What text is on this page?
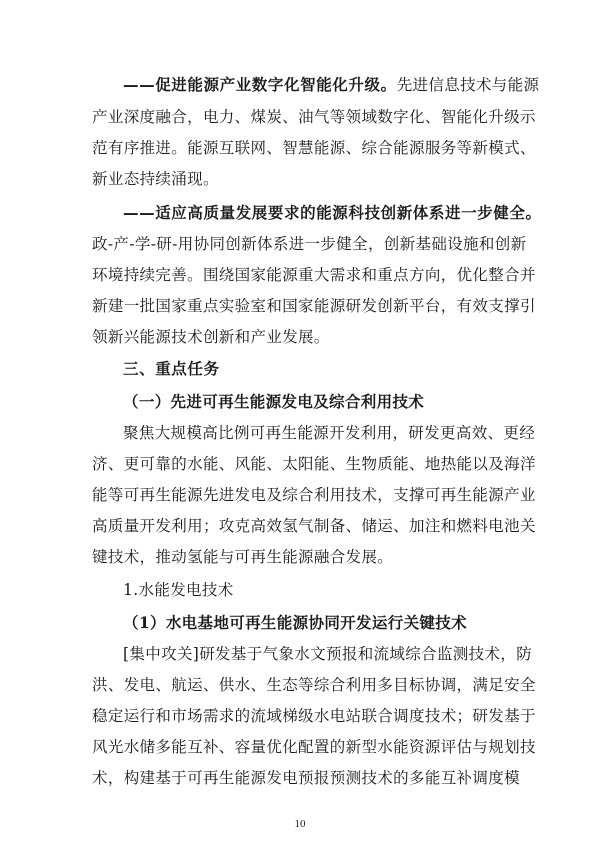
——促进能源产业数字化智能化升级。先进信息技术与能源
产业深度融合，电力、煤炭、油气等领域数字化、智能化升级示
范有序推进。能源互联网、智慧能源、综合能源服务等新模式、
新业态持续涌现。
——适应高质量发展要求的能源科技创新体系进一步健全。
政-产-学-研-用协同创新体系进一步健全，创新基础设施和创新
环境持续完善。围绕国家能源重大需求和重点方向，优化整合并
新建一批国家重点实验室和国家能源研发创新平台，有效支撑引
领新兴能源技术创新和产业发展。
三、重点任务
（一）先进可再生能源发电及综合利用技术
聚焦大规模高比例可再生能源开发利用，研发更高效、更经
济、更可靠的水能、风能、太阳能、生物质能、地热能以及海洋
能等可再生能源先进发电及综合利用技术，支撑可再生能源产业
高质量开发利用；攻克高效氢气制备、储运、加注和燃料电池关
键技术，推动氢能与可再生能源融合发展。
1.水能发电技术
（1）水电基地可再生能源协同开发运行关键技术
[集中攻关]研发基于气象水文预报和流域综合监测技术，防
洪、发电、航运、供水、生态等综合利用多目标协调，满足安全
稳定运行和市场需求的流域梯级水电站联合调度技术；研发基于
风光水储多能互补、容量优化配置的新型水能资源评估与规划技
术，构建基于可再生能源发电预报预测技术的多能互补调度模
10
